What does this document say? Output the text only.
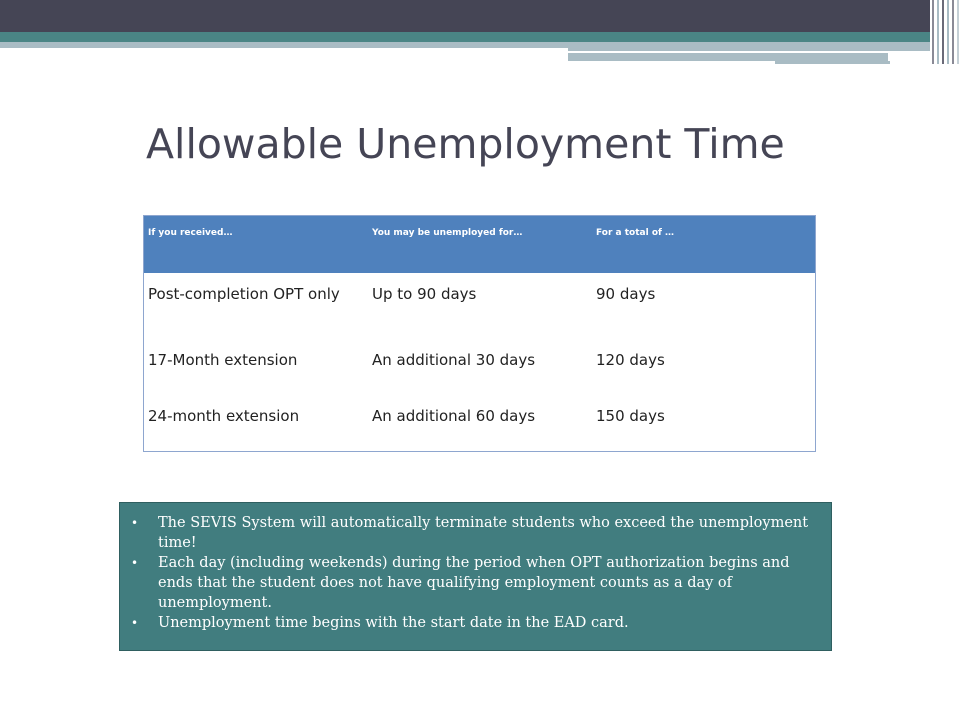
Allowable Unemployment Time
If you received…	You may be unemployed for…	For a total of …
Post-completion OPT only	Up to 90 days	90 days
17-Month extension	An additional 30 days	120 days
24-month extension	An additional 60 days	150 days
• The SEVIS System will automatically terminate students who exceed the unemployment time!
• Each day (including weekends) during the period when OPT authorization begins and ends that the student does not have qualifying employment counts as a day of unemployment.
• Unemployment time begins with the start date in the EAD card.
